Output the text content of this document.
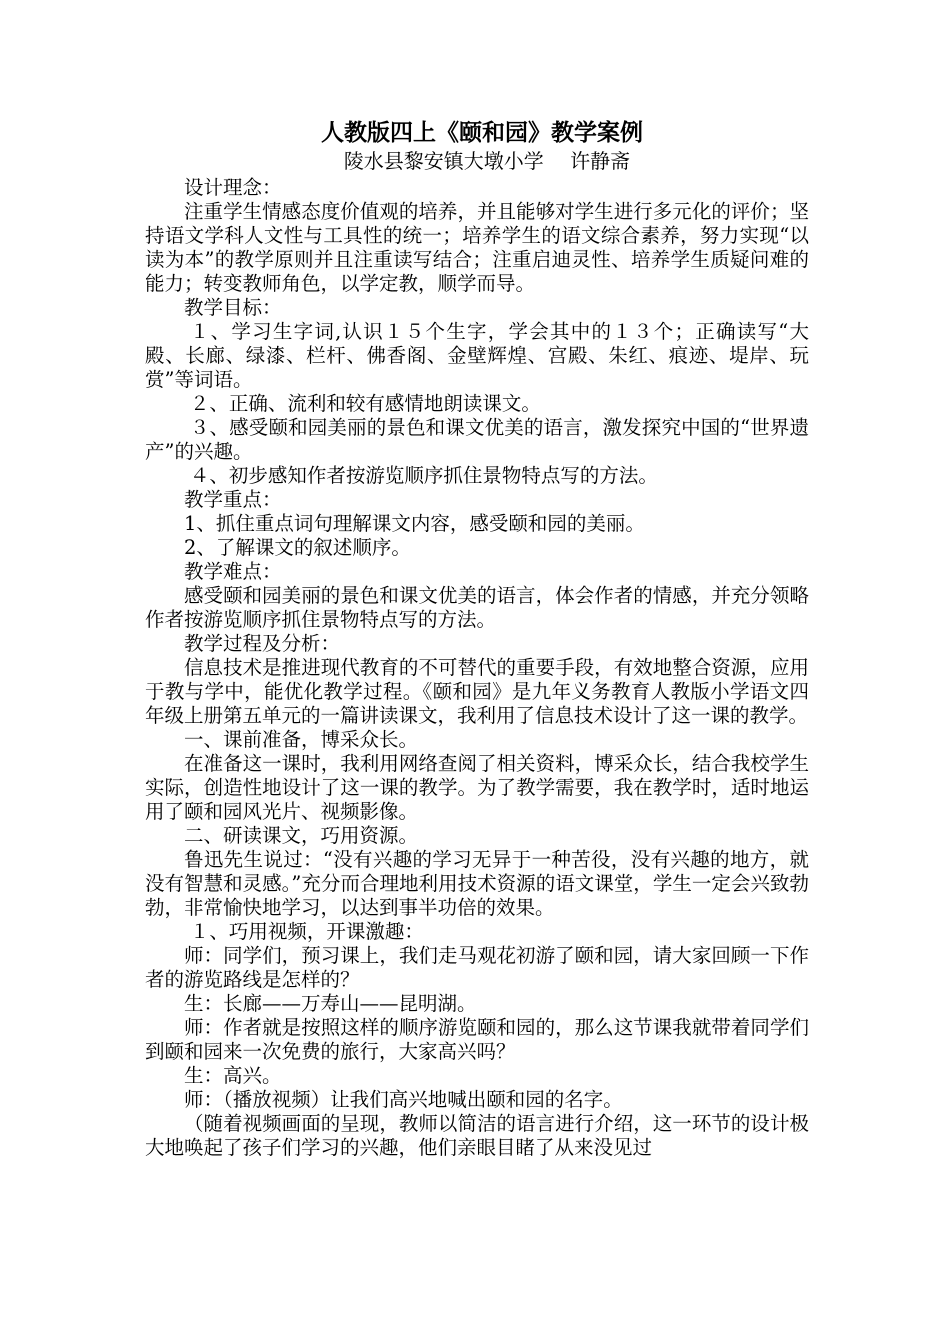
人教版四上《颐和园》教学案例

陵水县黎安镇大墩小学　 许静斋

设计理念：

注重学生情感态度价值观的培养，并且能够对学生进行多元化的评价；坚持语文学科人文性与工具性的统一；培养学生的语文综合素养，努力实现“以读为本”的教学原则并且注重读写结合；注重启迪灵性、培养学生质疑问难的能力；转变教师角色，以学定教，顺学而导。

教学目标：

１、学习生字词,认识１５个生字，学会其中的１３个；正确读写“大殿、长廊、绿漆、栏杆、佛香阁、金壁辉煌、宫殿、朱红、痕迹、堤岸、玩赏”等词语。

２、正确、流利和较有感情地朗读课文。

３、感受颐和园美丽的景色和课文优美的语言，激发探究中国的“世界遗产”的兴趣。

４、初步感知作者按游览顺序抓住景物特点写的方法。

教学重点：

1、抓住重点词句理解课文内容，感受颐和园的美丽。

2、了解课文的叙述顺序。

教学难点：

感受颐和园美丽的景色和课文优美的语言，体会作者的情感，并充分领略作者按游览顺序抓住景物特点写的方法。

教学过程及分析：

信息技术是推进现代教育的不可替代的重要手段，有效地整合资源，应用于教与学中，能优化教学过程。《颐和园》是九年义务教育人教版小学语文四年级上册第五单元的一篇讲读课文，我利用了信息技术设计了这一课的教学。

一、课前准备，博采众长。

在准备这一课时，我利用网络查阅了相关资料，博采众长，结合我校学生实际，创造性地设计了这一课的教学。为了教学需要，我在教学时，适时地运用了颐和园风光片、视频影像。

二、研读课文，巧用资源。

鲁迅先生说过：“没有兴趣的学习无异于一种苦役，没有兴趣的地方，就没有智慧和灵感。”充分而合理地利用技术资源的语文课堂，学生一定会兴致勃勃，非常愉快地学习，以达到事半功倍的效果。

１、巧用视频，开课激趣：

师：同学们，预习课上，我们走马观花初游了颐和园，请大家回顾一下作者的游览路线是怎样的？

生：长廊——万寿山——昆明湖。

师：作者就是按照这样的顺序游览颐和园的，那么这节课我就带着同学们到颐和园来一次免费的旅行，大家高兴吗？

生：高兴。

师：（播放视频）让我们高兴地喊出颐和园的名字。

（随着视频画面的呈现，教师以简洁的语言进行介绍，这一环节的设计极大地唤起了孩子们学习的兴趣，他们亲眼目睹了从来没见过
